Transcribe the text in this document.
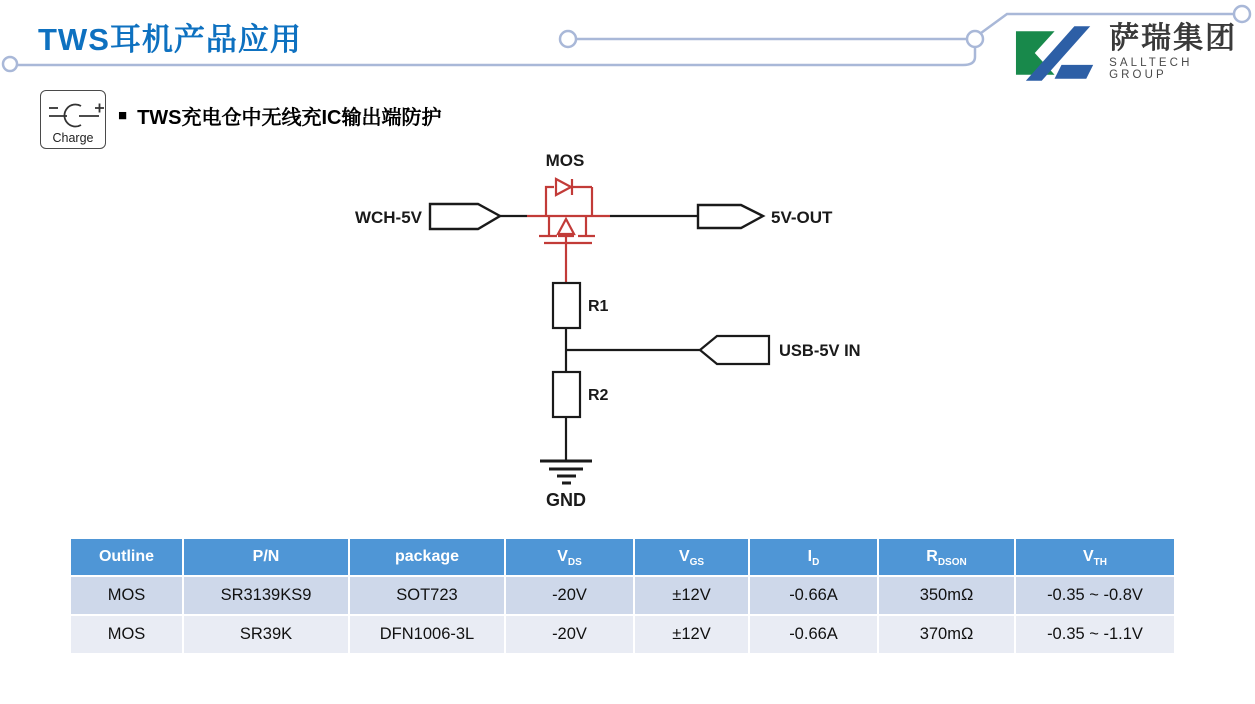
TWS耳机产品应用
MOS
WCH-5V	5V-OUT
R1
R2
USB-5V IN
GND
萨瑞集团
SALLTECH GROUP
Charge
■ TWS充电仓中无线充IC输出端防护
Outline	P/N	package	V DS	V GS	I D	R DSON	V TH
MOS	SR3139KS9	SOT723	-20V	±12V	-0.66A	350mΩ	-0.35 ~ -0.8V
MOS	SR39K	DFN1006-3L	-20V	±12V	-0.66A	370mΩ	-0.35 ~ -1.1V
